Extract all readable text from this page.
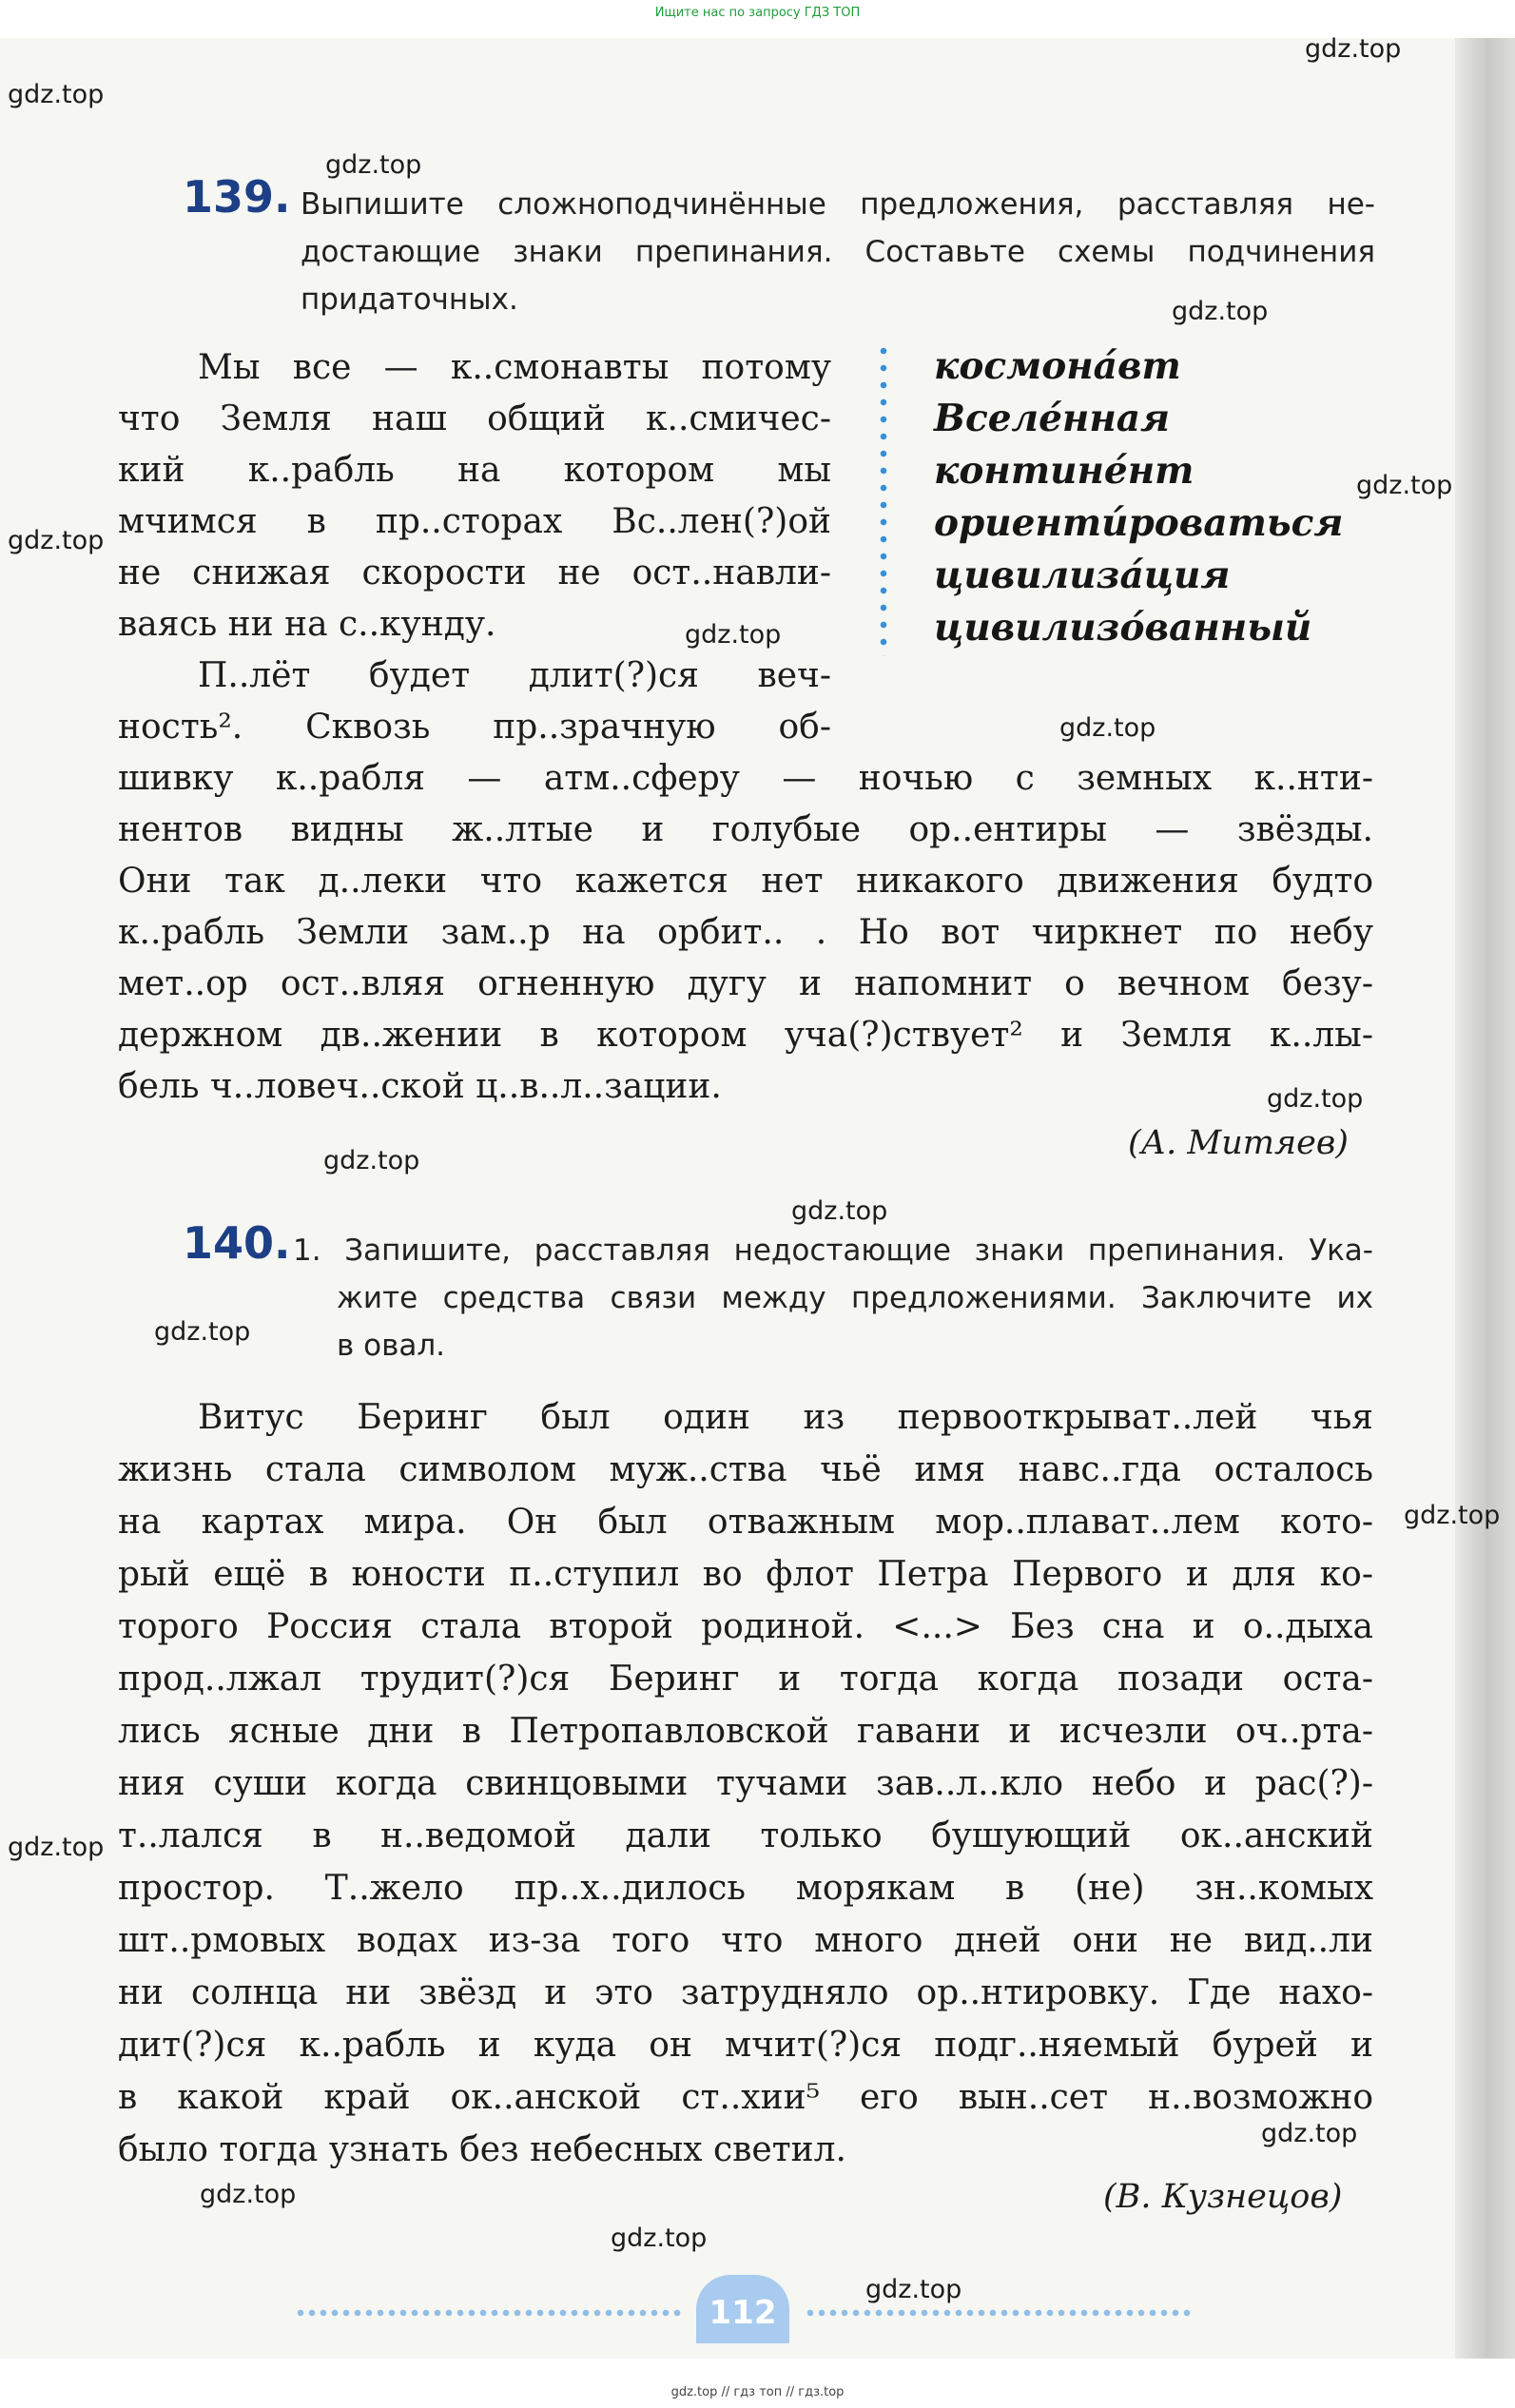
Ищите нас по запросу ГДЗ ТОП
gdz.top
gdz.top
gdz.top
gdz.top
gdz.top
gdz.top
gdz.top
gdz.top
gdz.top
gdz.top
gdz.top
gdz.top
gdz.top
gdz.top
gdz.top
gdz.top
gdz.top
gdz.top
139. Выпишите сложноподчинённые предложения, расставляя не-
достающие знаки препинания. Составьте схемы подчинения
придаточных.
Мы все — к..смонавты потому
что Земля наш общий к..смичес-
кий к..рабль на котором мы
мчимся в пр..сторах Вс..лен(?)ой
не снижая скорости не ост..навли-
ваясь ни на с..кунду.
П..лёт будет длит(?)ся веч-
ность². Сквозь пр..зрачную об-
космона́вт
Вселе́нная
контине́нт
ориенти́роваться
цивилиза́ция
цивилизо́ванный
шивку к..рабля — атм..сферу — ночью с земных к..нти-
нентов видны ж..лтые и голубые ор..ентиры — звёзды.
Они так д..леки что кажется нет никакого движения будто
к..рабль Земли зам..р на орбит.. . Но вот чиркнет по небу
мет..ор ост..вляя огненную дугу и напомнит о вечном безу-
держном дв..жении в котором уча(?)ствует² и Земля к..лы-
бель ч..ловеч..ской ц..в..л..зации.
(А. Митяев)
140. 1. Запишите, расставляя недостающие знаки препинания. Ука-
жите средства связи между предложениями. Заключите их
в овал.
Витус Беринг был один из первооткрыват..лей чья
жизнь стала символом муж..ства чьё имя навс..гда осталось
на картах мира. Он был отважным мор..плават..лем кото-
рый ещё в юности п..ступил во флот Петра Первого и для ко-
торого Россия стала второй родиной. <...> Без сна и о..дыха
прод..лжал трудит(?)ся Беринг и тогда когда позади оста-
лись ясные дни в Петропавловской гавани и исчезли оч..рта-
ния суши когда свинцовыми тучами зав..л..кло небо и рас(?)-
т..лался в н..ведомой дали только бушующий ок..анский
простор. Т..жело пр..х..дилось морякам в (не) зн..комых
шт..рмовых водах из-за того что много дней они не вид..ли
ни солнца ни звёзд и это затрудняло ор..нтировку. Где нахо-
дит(?)ся к..рабль и куда он мчит(?)ся подг..няемый бурей и
в какой край ок..анской ст..хии⁵ его вын..сет н..возможно
было тогда узнать без небесных светил.
(В. Кузнецов)
112
gdz.top // гдз топ // гдз.top
